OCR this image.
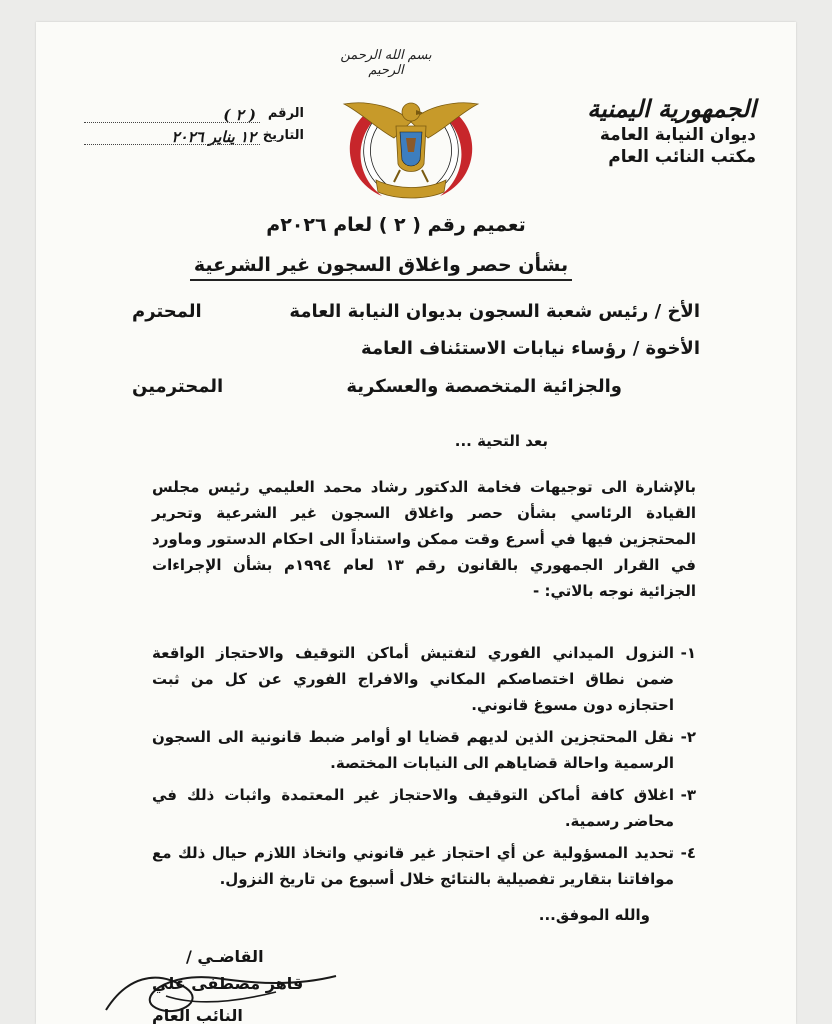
الجمهورية اليمنية
ديوان النيابة العامة
مكتب النائب العام
بسم الله الرحمن الرحيم
الرقم
( ٢ )
التاريخ
١٢ يناير ٢٠٢٦
تعميم رقم ( ٢ ) لعام ٢٠٢٦م
بشأن حصر واغلاق السجون غير الشرعية
الأخ / رئيس شعبة السجون بديوان النيابة العامة
المحترم
الأخوة / رؤساء نيابات الاستئناف العامة
والجزائية المتخصصة والعسكرية
المحترمين
بعد التحية ...

بالإشارة الى توجيهات فخامة الدكتور رشاد محمد العليمي رئيس مجلس القيادة الرئاسي بشأن حصر واغلاق السجون غير الشرعية وتحرير المحتجزين فيها في أسرع وقت ممكن واستناداً الى احكام الدستور وماورد في القرار الجمهوري بالقانون رقم ١٣ لعام ١٩٩٤م بشأن الإجراءات الجزائية نوجه بالاتي: -

١-
النزول الميداني الفوري لتفتيش أماكن التوقيف والاحتجاز الواقعة ضمن نطاق اختصاصكم المكاني والافراج الفوري عن كل من ثبت احتجازه دون مسوغ قانوني.
٢-
نقل المحتجزين الذين لديهم قضايا او أوامر ضبط قانونية الى السجون الرسمية واحالة قضاياهم الى النيابات المختصة.
٣-
اغلاق كافة أماكن التوقيف والاحتجاز غير المعتمدة واثبات ذلك في محاضر رسمية.
٤-
تحديد المسؤولية عن أي احتجاز غير قانوني واتخاذ اللازم حيال ذلك مع موافاتنا بتقارير تفصيلية بالنتائج خلال أسبوع من تاريخ النزول.
والله الموفق...
القاضـي /
قاهر مصطفى علي
النائب العام
